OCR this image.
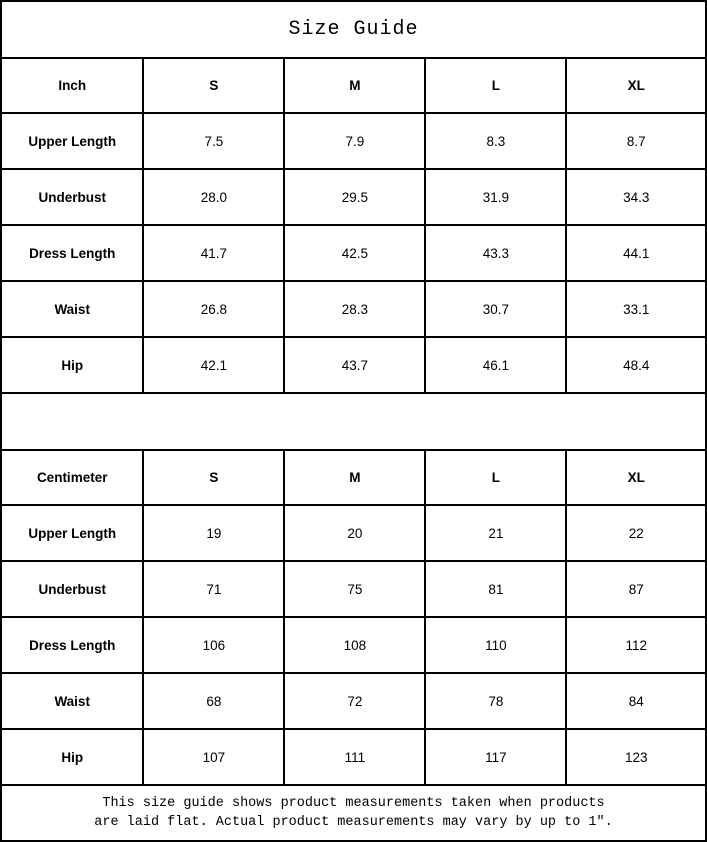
Size Guide				
Inch	S	M	L	XL
Upper Length	7.5	7.9	8.3	8.7
Underbust	28.0	29.5	31.9	34.3
Dress Length	41.7	42.5	43.3	44.1
Waist	26.8	28.3	30.7	33.1
Hip	42.1	43.7	46.1	48.4

Centimeter	S	M	L	XL
Upper Length	19	20	21	22
Underbust	71	75	81	87
Dress Length	106	108	110	112
Waist	68	72	78	84
Hip	107	111	117	123

This size guide shows product measurements taken when products
are laid flat. Actual product measurements may vary by up to 1″.				
